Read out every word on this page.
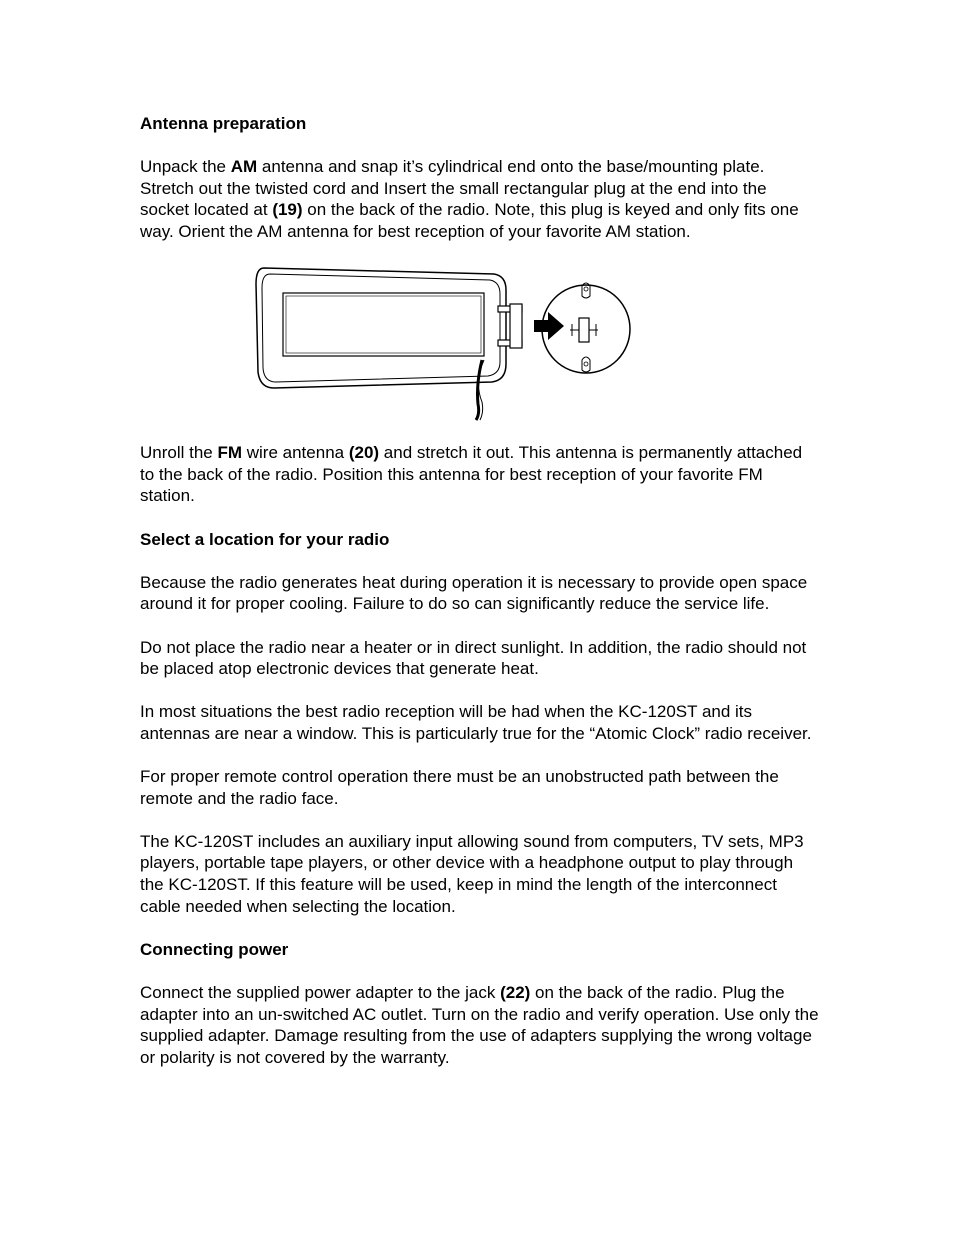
Antenna preparation

Unpack the AM antenna and snap it’s cylindrical end onto the base/mounting plate. Stretch out the twisted cord and Insert the small rectangular plug at the end into the socket located at (19) on the back of the radio. Note, this plug is keyed and only fits one way. Orient the AM antenna for best reception of your favorite AM station.

Unroll the FM wire antenna (20) and stretch it out. This antenna is permanently attached to the back of the radio. Position this antenna for best reception of your favorite FM station.

Select a location for your radio

Because the radio generates heat during operation it is necessary to provide open space around it for proper cooling. Failure to do so can significantly reduce the service life.

Do not place the radio near a heater or in direct sunlight. In addition, the radio should not be placed atop electronic devices that generate heat.

In most situations the best radio reception will be had when the KC-120ST and its antennas are near a window. This is particularly true for the “Atomic Clock” radio receiver.

For proper remote control operation there must be an unobstructed path between the remote and the radio face.

The KC-120ST includes an auxiliary input allowing sound from computers, TV sets, MP3 players, portable tape players, or other device with a headphone output to play through the KC-120ST. If this feature will be used, keep in mind the length of the interconnect cable needed when selecting the location.

Connecting power

Connect the supplied power adapter to the jack (22) on the back of the radio. Plug the adapter into an un-switched AC outlet. Turn on the radio and verify operation. Use only the supplied adapter. Damage resulting from the use of adapters supplying the wrong voltage or polarity is not covered by the warranty.
